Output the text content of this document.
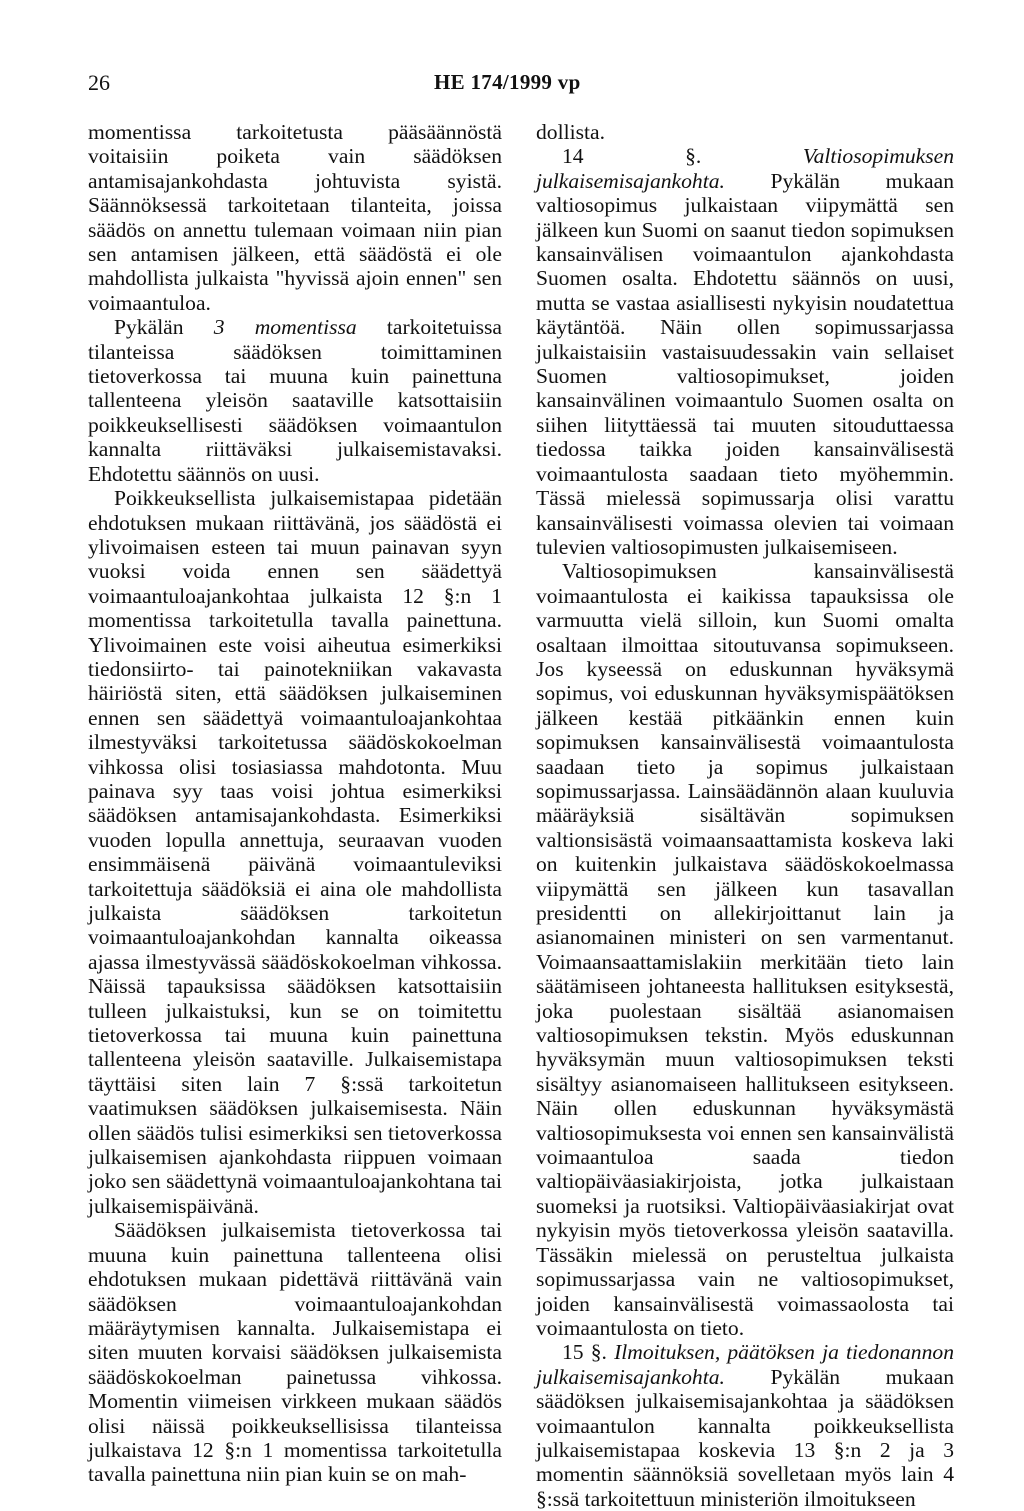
26	HE 174/1999 vp

momentissa tarkoitetusta pääsäännöstä voitaisiin poiketa vain säädöksen antamisajankohdasta johtuvista syistä. Säännöksessä tarkoitetaan tilanteita, joissa säädös on annettu tulemaan voimaan niin pian sen antamisen jälkeen, että säädöstä ei ole mahdollista julkaista "hyvissä ajoin ennen" sen voimaantuloa.

Pykälän 3 momentissa tarkoitetuissa tilanteissa säädöksen toimittaminen tietoverkossa tai muuna kuin painettuna tallenteena yleisön saataville katsottaisiin poikkeuksellisesti säädöksen voimaantulon kannalta riittäväksi julkaisemistavaksi. Ehdotettu säännös on uusi.

Poikkeuksellista julkaisemistapaa pidetään ehdotuksen mukaan riittävänä, jos säädöstä ei ylivoimaisen esteen tai muun painavan syyn vuoksi voida ennen sen säädettyä voimaantuloajankohtaa julkaista 12 §:n 1 momentissa tarkoitetulla tavalla painettuna. Ylivoimainen este voisi aiheutua esimerkiksi tiedonsiirto- tai painotekniikan vakavasta häiriöstä siten, että säädöksen julkaiseminen ennen sen säädettyä voimaantuloajankohtaa ilmestyväksi tarkoitetussa säädöskokoelman vihkossa olisi tosiasiassa mahdotonta. Muu painava syy taas voisi johtua esimerkiksi säädöksen antamisajankohdasta. Esimerkiksi vuoden lopulla annettuja, seuraavan vuoden ensimmäisenä päivänä voimaantuleviksi tarkoitettuja säädöksiä ei aina ole mahdollista julkaista säädöksen tarkoitetun voimaantuloajankohdan kannalta oikeassa ajassa ilmestyvässä säädöskokoelman vihkossa. Näissä tapauksissa säädöksen katsottaisiin tulleen julkaistuksi, kun se on toimitettu tietoverkossa tai muuna kuin painettuna tallenteena yleisön saataville. Julkaisemistapa täyttäisi siten lain 7 §:ssä tarkoitetun vaatimuksen säädöksen julkaisemisesta. Näin ollen säädös tulisi esimerkiksi sen tietoverkossa julkaisemisen ajankohdasta riippuen voimaan joko sen säädettynä voimaantuloajankohtana tai julkaisemispäivänä.

Säädöksen julkaisemista tietoverkossa tai muuna kuin painettuna tallenteena olisi ehdotuksen mukaan pidettävä riittävänä vain säädöksen voimaantuloajankohdan määräytymisen kannalta. Julkaisemistapa ei siten muuten korvaisi säädöksen julkaisemista säädöskokoelman painetussa vihkossa. Momentin viimeisen virkkeen mukaan säädös olisi näissä poikkeuksellisissa tilanteissa julkaistava 12 §:n 1 momentissa tarkoitetulla tavalla painettuna niin pian kuin se on mah-

dollista.

14 §. Valtiosopimuksen julkaisemisajankohta. Pykälän mukaan valtiosopimus julkaistaan viipymättä sen jälkeen kun Suomi on saanut tiedon sopimuksen kansainvälisen voimaantulon ajankohdasta Suomen osalta. Ehdotettu säännös on uusi, mutta se vastaa asiallisesti nykyisin noudatettua käytäntöä. Näin ollen sopimussarjassa julkaistaisiin vastaisuudessakin vain sellaiset Suomen valtiosopimukset, joiden kansainvälinen voimaantulo Suomen osalta on siihen liityttäessä tai muuten sitouduttaessa tiedossa taikka joiden kansainvälisestä voimaantulosta saadaan tieto myöhemmin. Tässä mielessä sopimussarja olisi varattu kansainvälisesti voimassa olevien tai voimaan tulevien valtiosopimusten julkaisemiseen.

Valtiosopimuksen kansainvälisestä voimaantulosta ei kaikissa tapauksissa ole varmuutta vielä silloin, kun Suomi omalta osaltaan ilmoittaa sitoutuvansa sopimukseen. Jos kyseessä on eduskunnan hyväksymä sopimus, voi eduskunnan hyväksymispäätöksen jälkeen kestää pitkäänkin ennen kuin sopimuksen kansainvälisestä voimaantulosta saadaan tieto ja sopimus julkaistaan sopimussarjassa. Lainsäädännön alaan kuuluvia määräyksiä sisältävän sopimuksen valtionsisästä voimaansaattamista koskeva laki on kuitenkin julkaistava säädöskokoelmassa viipymättä sen jälkeen kun tasavallan presidentti on allekirjoittanut lain ja asianomainen ministeri on sen varmentanut. Voimaansaattamislakiin merkitään tieto lain säätämiseen johtaneesta hallituksen esityksestä, joka puolestaan sisältää asianomaisen valtiosopimuksen tekstin. Myös eduskunnan hyväksymän muun valtiosopimuksen teksti sisältyy asianomaiseen hallitukseen esitykseen. Näin ollen eduskunnan hyväksymästä valtiosopimuksesta voi ennen sen kansainvälistä voimaantuloa saada tiedon valtiopäiväasiakirjoista, jotka julkaistaan suomeksi ja ruotsiksi. Valtiopäiväasiakirjat ovat nykyisin myös tietoverkossa yleisön saatavilla. Tässäkin mielessä on perusteltua julkaista sopimussarjassa vain ne valtiosopimukset, joiden kansainvälisestä voimassaolosta tai voimaantulosta on tieto.

15 §. Ilmoituksen, päätöksen ja tiedonannon julkaisemisajankohta. Pykälän mukaan säädöksen julkaisemisajankohtaa ja säädöksen voimaantulon kannalta poikkeuksellista julkaisemistapaa koskevia 13 §:n 2 ja 3 momentin säännöksiä sovelletaan myös lain 4 §:ssä tarkoitettuun ministeriön ilmoitukseen
